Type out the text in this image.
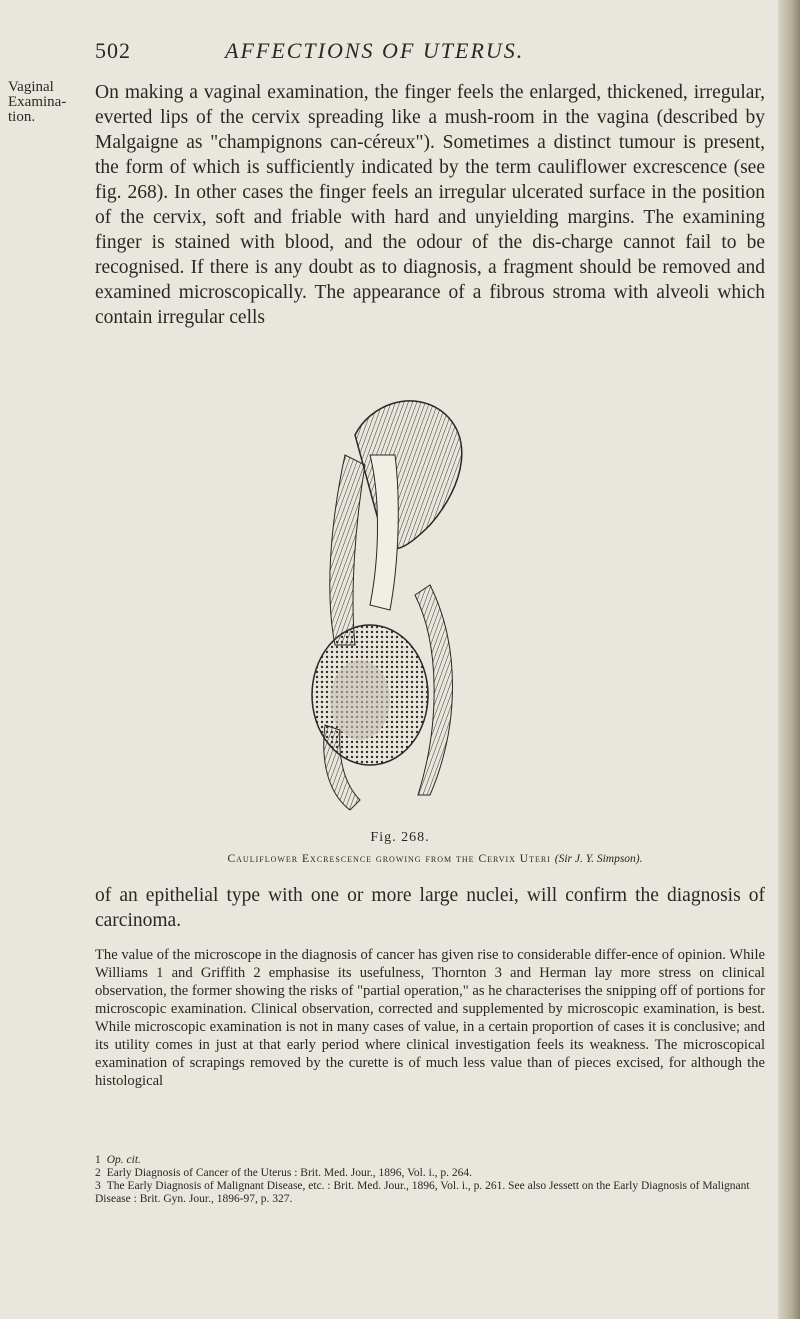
502	AFFECTIONS OF UTERUS.
Vaginal
Examina-
tion.

On making a vaginal examination, the finger feels the enlarged, thickened, irregular, everted lips of the cervix spreading like a mush-room in the vagina (described by Malgaigne as "champignons can-céreux"). Sometimes a distinct tumour is present, the form of which is sufficiently indicated by the term cauliflower excrescence (see fig. 268). In other cases the finger feels an irregular ulcerated surface in the position of the cervix, soft and friable with hard and unyielding margins. The examining finger is stained with blood, and the odour of the dis-charge cannot fail to be recognised. If there is any doubt as to diagnosis, a fragment should be removed and examined microscopically. The appearance of a fibrous stroma with alveoli which contain irregular cells

Fig. 268.
Cauliflower Excrescence growing from the Cervix Uteri (Sir J. Y. Simpson).

of an epithelial type with one or more large nuclei, will confirm the diagnosis of carcinoma.

The value of the microscope in the diagnosis of cancer has given rise to considerable differ-ence of opinion. While Williams 1 and Griffith 2 emphasise its usefulness, Thornton 3 and Herman lay more stress on clinical observation, the former showing the risks of "partial operation," as he characterises the snipping off of portions for microscopic examination. Clinical observation, corrected and supplemented by microscopic examination, is best. While microscopic examination is not in many cases of value, in a certain proportion of cases it is conclusive; and its utility comes in just at that early period where clinical investigation feels its weakness. The microscopical examination of scrapings removed by the curette is of much less value than of pieces excised, for although the histological

1 Op. cit.
2 Early Diagnosis of Cancer of the Uterus : Brit. Med. Jour., 1896, Vol. i., p. 264.
3 The Early Diagnosis of Malignant Disease, etc. : Brit. Med. Jour., 1896, Vol. i., p. 261. See also Jessett on the Early Diagnosis of Malignant Disease : Brit. Gyn. Jour., 1896-97, p. 327.
